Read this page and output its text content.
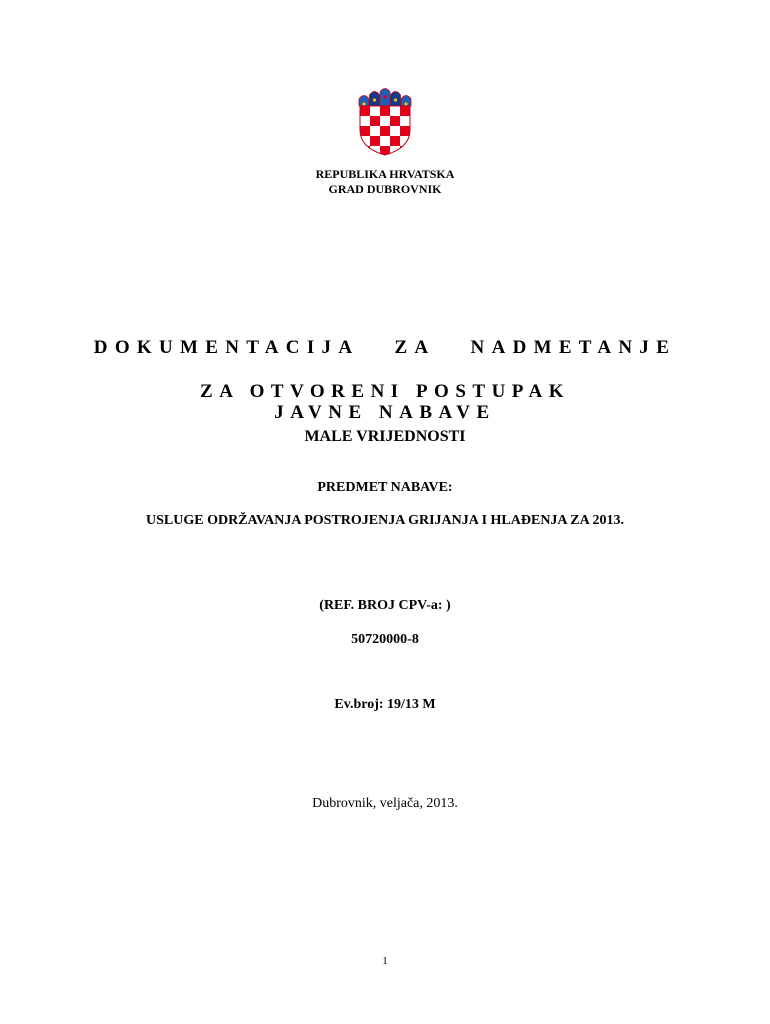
REPUBLIKA HRVATSKA
GRAD DUBROVNIK
DOKUMENTACIJA   ZA   NADMETANJE
ZA OTVORENI POSTUPAK
JAVNE NABAVE
MALE VRIJEDNOSTI
PREDMET NABAVE:
USLUGE ODRŽAVANJA POSTROJENJA GRIJANJA I HLAĐENJA ZA 2013.
(REF. BROJ CPV-a: )
50720000-8
Ev.broj: 19/13 M
Dubrovnik, veljača, 2013.
1
